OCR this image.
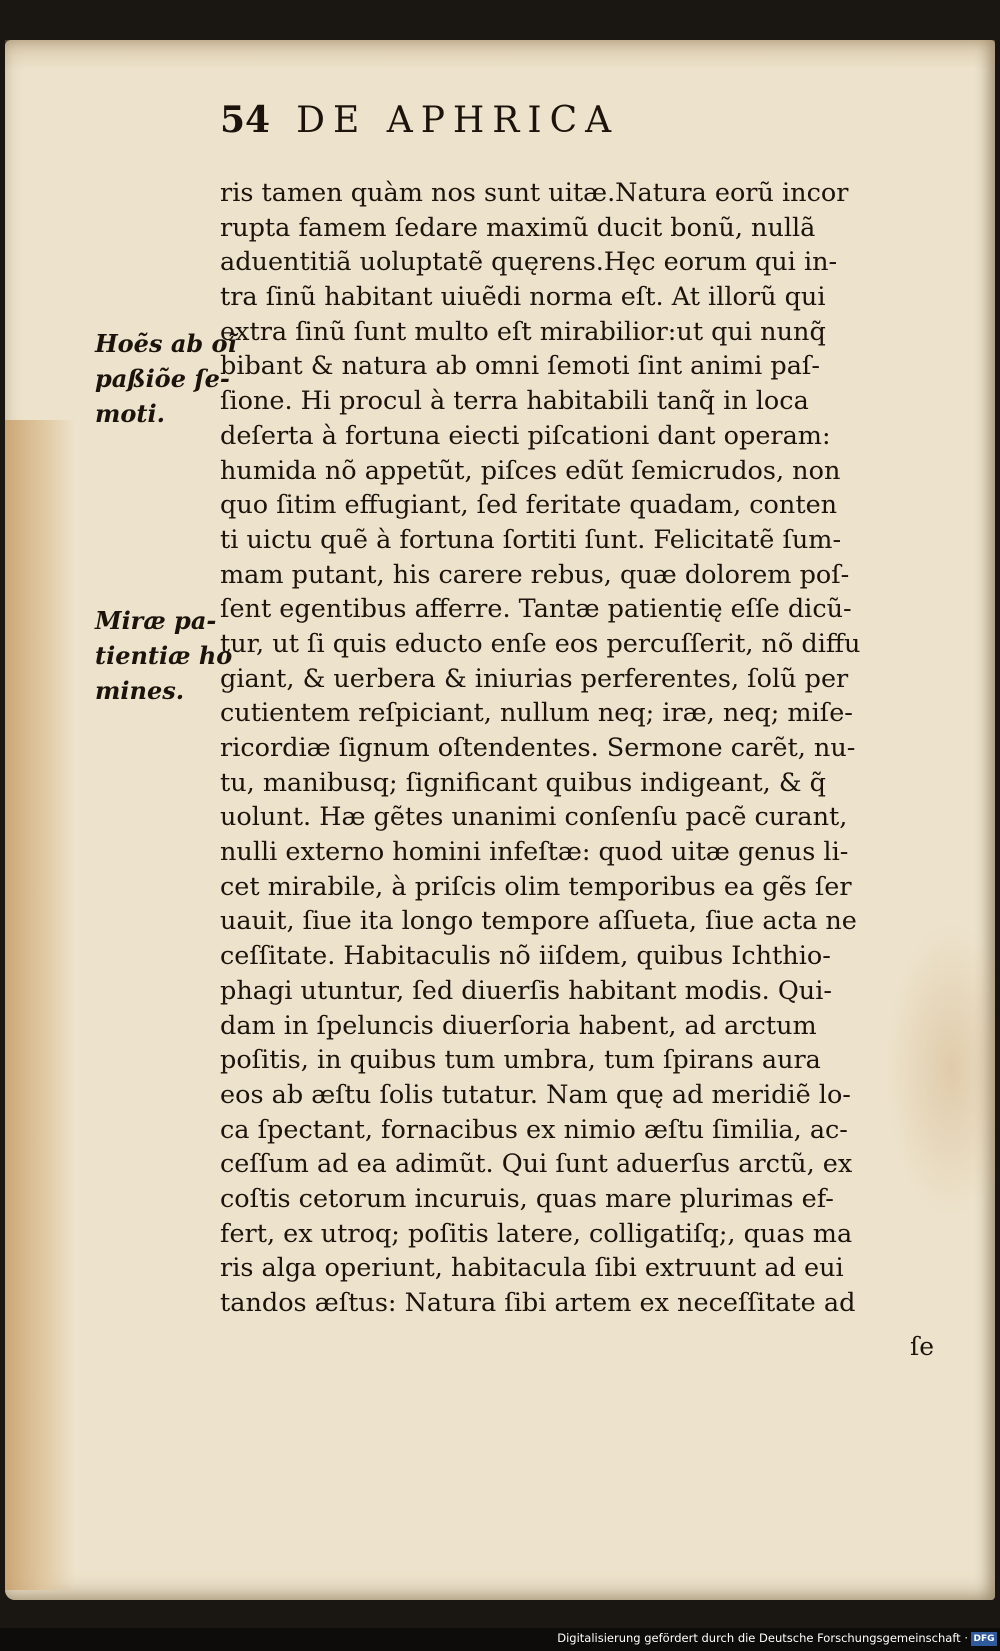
54 DE APHRICA
Hoẽs ab oĩ
paßiõe ſe-
moti.
Miræ pa-
tientiæ ho
mines.
ris tamen quàm nos sunt uitæ.Natura eorũ incor
rupta famem ſedare maximũ ducit bonũ, nullã
aduentitiã uoluptatẽ quęrens.Hęc eorum qui in-
tra ſinũ habitant uiuẽdi norma eſt. At illorũ qui
extra ſinũ ſunt multo eſt mirabilior:ut qui nunq̃
bibant & natura ab omni ſemoti ſint animi paſ-
ſione. Hi procul à terra habitabili tanq̃ in loca
deſerta à fortuna eiecti piſcationi dant operam:
humida nõ appetũt, piſces edũt ſemicrudos, non
quo ſitim effugiant, ſed feritate quadam, conten
ti uictu quẽ à fortuna ſortiti ſunt. Felicitatẽ ſum-
mam putant, his carere rebus, quæ dolorem poſ-
ſent egentibus afferre. Tantæ patientię eſſe dicũ-
tur, ut ſi quis educto enſe eos percuſſerit, nõ diffu
giant, & uerbera & iniurias perferentes, ſolũ per
cutientem reſpiciant, nullum neq; iræ, neq; miſe-
ricordiæ ſignum oſtendentes. Sermone carẽt, nu-
tu, manibusq; ſignificant quibus indigeant, & q̃
uolunt. Hæ gẽtes unanimi conſenſu pacẽ curant,
nulli externo homini infeſtæ: quod uitæ genus li-
cet mirabile, à priſcis olim temporibus ea gẽs ſer
uauit, ſiue ita longo tempore aſſueta, ſiue acta ne
ceſſitate. Habitaculis nõ iiſdem, quibus Ichthio-
phagi utuntur, ſed diuerſis habitant modis. Qui-
dam in ſpeluncis diuerſoria habent, ad arctum
poſitis, in quibus tum umbra, tum ſpirans aura
eos ab æſtu ſolis tutatur. Nam quę ad meridiẽ lo-
ca ſpectant, fornacibus ex nimio æſtu ſimilia, ac-
ceſſum ad ea adimũt. Qui ſunt aduerſus arctũ, ex
coſtis cetorum incuruis, quas mare plurimas ef-
fert, ex utroq; poſitis latere, colligatiſq;, quas ma
ris alga operiunt, habitacula ſibi extruunt ad eui
tandos æſtus: Natura ſibi artem ex neceſſitate ad
ſe
Digitalisierung gefördert durch die Deutsche Forschungsgemeinschaft · DFG
